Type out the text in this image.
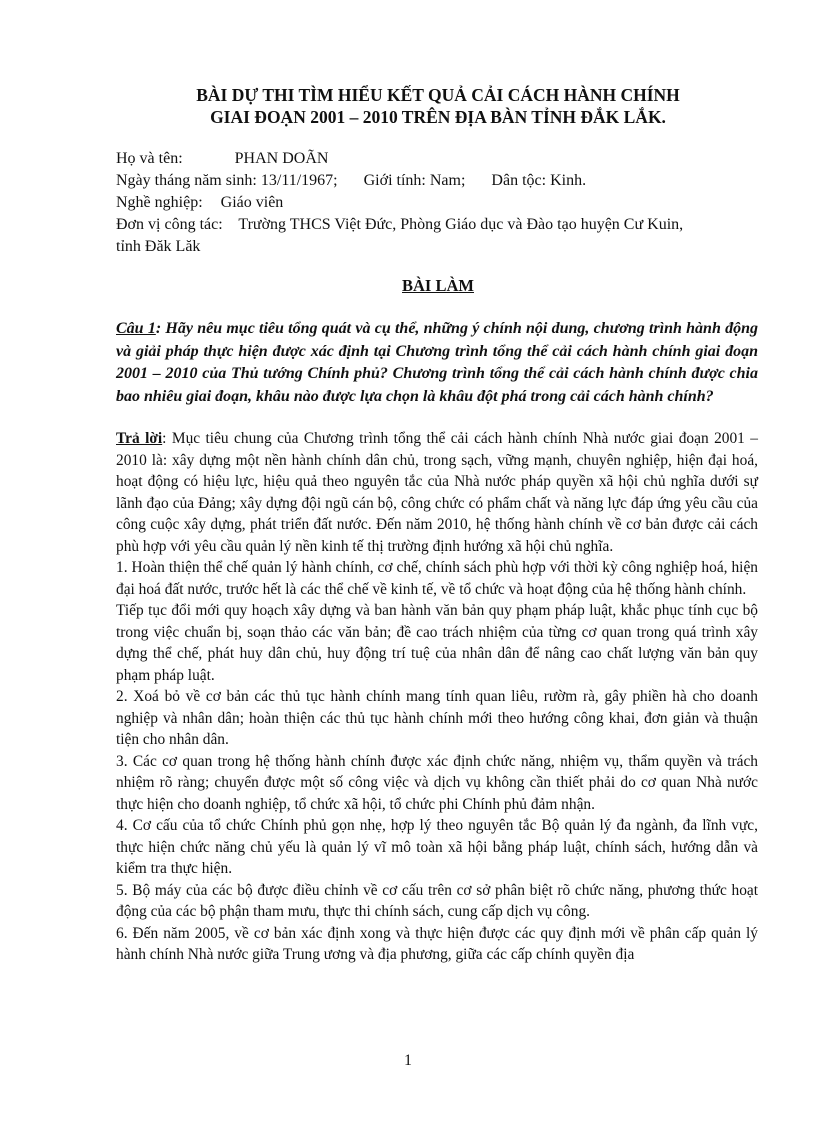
BÀI DỰ THI TÌM HIỂU KẾT QUẢ CẢI CÁCH HÀNH CHÍNH
GIAI ĐOẠN 2001 – 2010 TRÊN ĐỊA BÀN TỈNH ĐẮK LẮK.
Họ và tên:	PHAN DOÃN
Ngày tháng năm sinh: 13/11/1967; Giới tính: Nam; Dân tộc: Kinh.
Nghề nghiệp: Giáo viên
Đơn vị công tác: Trường THCS Việt Đức, Phòng Giáo dục và Đào tạo huyện Cư Kuin,
tỉnh Đăk Lăk
BÀI LÀM
Câu 1: Hãy nêu mục tiêu tổng quát và cụ thể, những ý chính nội dung, chương trình hành động và giải pháp thực hiện được xác định tại Chương trình tổng thể cải cách hành chính giai đoạn 2001 – 2010 của Thủ tướng Chính phủ? Chương trình tổng thể cải cách hành chính được chia bao nhiêu giai đoạn, khâu nào được lựa chọn là khâu đột phá trong cải cách hành chính?

Trả lời: Mục tiêu chung của Chương trình tổng thể cải cách hành chính Nhà nước giai đoạn 2001 – 2010 là: xây dựng một nền hành chính dân chủ, trong sạch, vững mạnh, chuyên nghiệp, hiện đại hoá, hoạt động có hiệu lực, hiệu quả theo nguyên tắc của Nhà nước pháp quyền xã hội chủ nghĩa dưới sự lãnh đạo của Đảng; xây dựng đội ngũ cán bộ, công chức có phẩm chất và năng lực đáp ứng yêu cầu của công cuộc xây dựng, phát triển đất nước. Đến năm 2010, hệ thống hành chính về cơ bản được cải cách phù hợp với yêu cầu quản lý nền kinh tế thị trường định hướng xã hội chủ nghĩa.

1. Hoàn thiện thể chế quản lý hành chính, cơ chế, chính sách phù hợp với thời kỳ công nghiệp hoá, hiện đại hoá đất nước, trước hết là các thể chế về kinh tế, về tổ chức và hoạt động của hệ thống hành chính.

Tiếp tục đổi mới quy hoạch xây dựng và ban hành văn bản quy phạm pháp luật, khắc phục tính cục bộ trong việc chuẩn bị, soạn thảo các văn bản; đề cao trách nhiệm của từng cơ quan trong quá trình xây dựng thể chế, phát huy dân chủ, huy động trí tuệ của nhân dân để nâng cao chất lượng văn bản quy phạm pháp luật.

2. Xoá bỏ về cơ bản các thủ tục hành chính mang tính quan liêu, rườm rà, gây phiền hà cho doanh nghiệp và nhân dân; hoàn thiện các thủ tục hành chính mới theo hướng công khai, đơn giản và thuận tiện cho nhân dân.

3. Các cơ quan trong hệ thống hành chính được xác định chức năng, nhiệm vụ, thẩm quyền và trách nhiệm rõ ràng; chuyển được một số công việc và dịch vụ không cần thiết phải do cơ quan Nhà nước thực hiện cho doanh nghiệp, tổ chức xã hội, tổ chức phi Chính phủ đảm nhận.

4. Cơ cấu của tổ chức Chính phủ gọn nhẹ, hợp lý theo nguyên tắc Bộ quản lý đa ngành, đa lĩnh vực, thực hiện chức năng chủ yếu là quản lý vĩ mô toàn xã hội bằng pháp luật, chính sách, hướng dẫn và kiểm tra thực hiện.

5. Bộ máy của các bộ được điều chỉnh về cơ cấu trên cơ sở phân biệt rõ chức năng, phương thức hoạt động của các bộ phận tham mưu, thực thi chính sách, cung cấp dịch vụ công.

6. Đến năm 2005, về cơ bản xác định xong và thực hiện được các quy định mới về phân cấp quản lý hành chính Nhà nước giữa Trung ương và địa phương, giữa các cấp chính quyền địa

1
